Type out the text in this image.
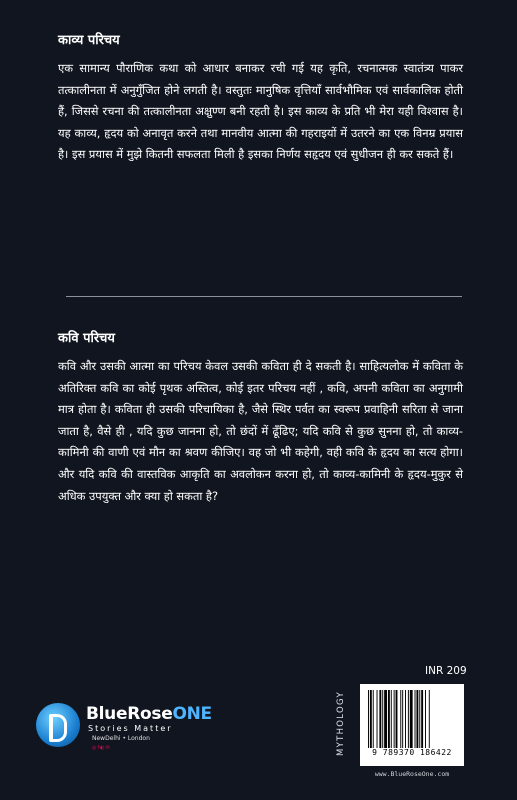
काव्य परिचय

एक सामान्य पौराणिक कथा को आधार बनाकर रची गई यह कृति, रचनात्मक स्वातंत्र्य पाकर तत्कालीनता में अनुगुँजित होने लगती है। वस्तुतः मानुषिक वृत्तियाँ सार्वभौमिक एवं सार्वकालिक होती हैं, जिससे रचना की तत्कालीनता अक्षुण्ण बनी रहती है। इस काव्य के प्रति भी मेरा यही विश्वास है। यह काव्य, हृदय को अनावृत करने तथा मानवीय आत्मा की गहराइयों में उतरने का एक विनम्र प्रयास है। इस प्रयास में मुझे कितनी सफलता मिली है इसका निर्णय सहृदय एवं सुधीजन ही कर सकते हैं।

कवि परिचय

कवि और उसकी आत्मा का परिचय केवल उसकी कविता ही दे सकती है। साहित्यलोक में कविता के अतिरिक्त कवि का कोई पृथक अस्तित्व, कोई इतर परिचय नहीं , कवि, अपनी कविता का अनुगामी मात्र होता है। कविता ही उसकी परिचायिका है, जैसे स्थिर पर्वत का स्वरूप प्रवाहिनी सरिता से जाना जाता है, वैसे ही , यदि कुछ जानना हो, तो छंदों में ढूँढिए; यदि कवि से कुछ सुनना हो, तो काव्य-कामिनी की वाणी एवं मौन का श्रवण कीजिए। वह जो भी कहेगी, वही कवि के हृदय का सत्य होगा। और यदि कवि की वास्तविक आकृति का अवलोकन करना हो, तो काव्य-कामिनी के हृदय-मुकुर से अधिक उपयुक्त और क्या हो सकता है?

BlueRoseONE
Stories Matter
NewDelhi • London
◎f◐✉	MYTHOLOGY
INR 209
9 789370 186422
www.BlueRoseOne.com
